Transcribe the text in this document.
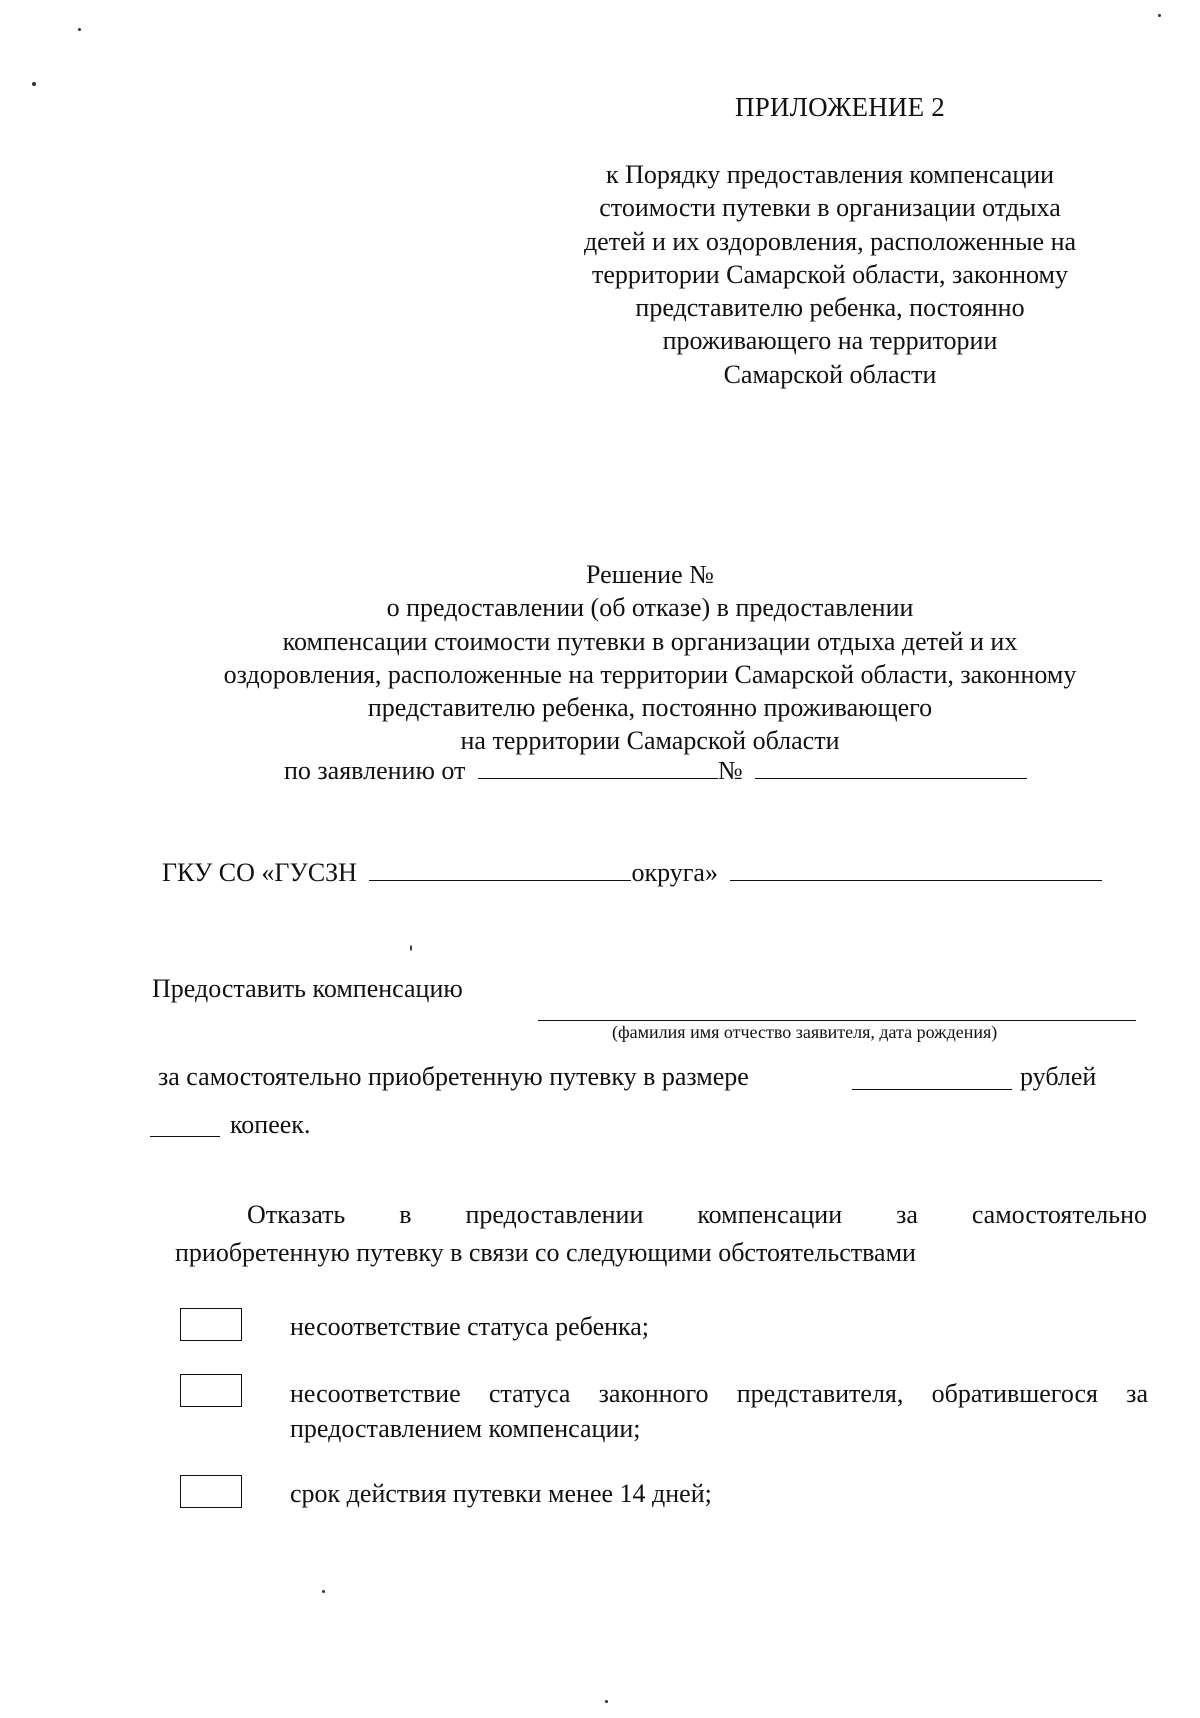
ПРИЛОЖЕНИЕ 2
к Порядку предоставления компенсации
стоимости путевки в организации отдыха
детей и их оздоровления, расположенные на
территории Самарской области, законному
представителю ребенка, постоянно
проживающего на территории
Самарской области
Решение №
о предоставлении (об отказе) в предоставлении
компенсации стоимости путевки в организации отдыха детей и их
оздоровления, расположенные на территории Самарской области, законному
представителю ребенка, постоянно проживающего
на территории Самарской области
по заявлению от	№
ГКУ СО «ГУСЗН	округа»
Предоставить компенсацию
(фамилия имя отчество заявителя, дата рождения)
за самостоятельно приобретенную путевку в размере	рублей
копеек.
Отказать в предоставлении компенсации за самостоятельно
приобретенную путевку в связи со следующими обстоятельствами
несоответствие статуса ребенка;
несоответствие статуса законного представителя, обратившегося за предоставлением компенсации;
срок действия путевки менее 14 дней;
